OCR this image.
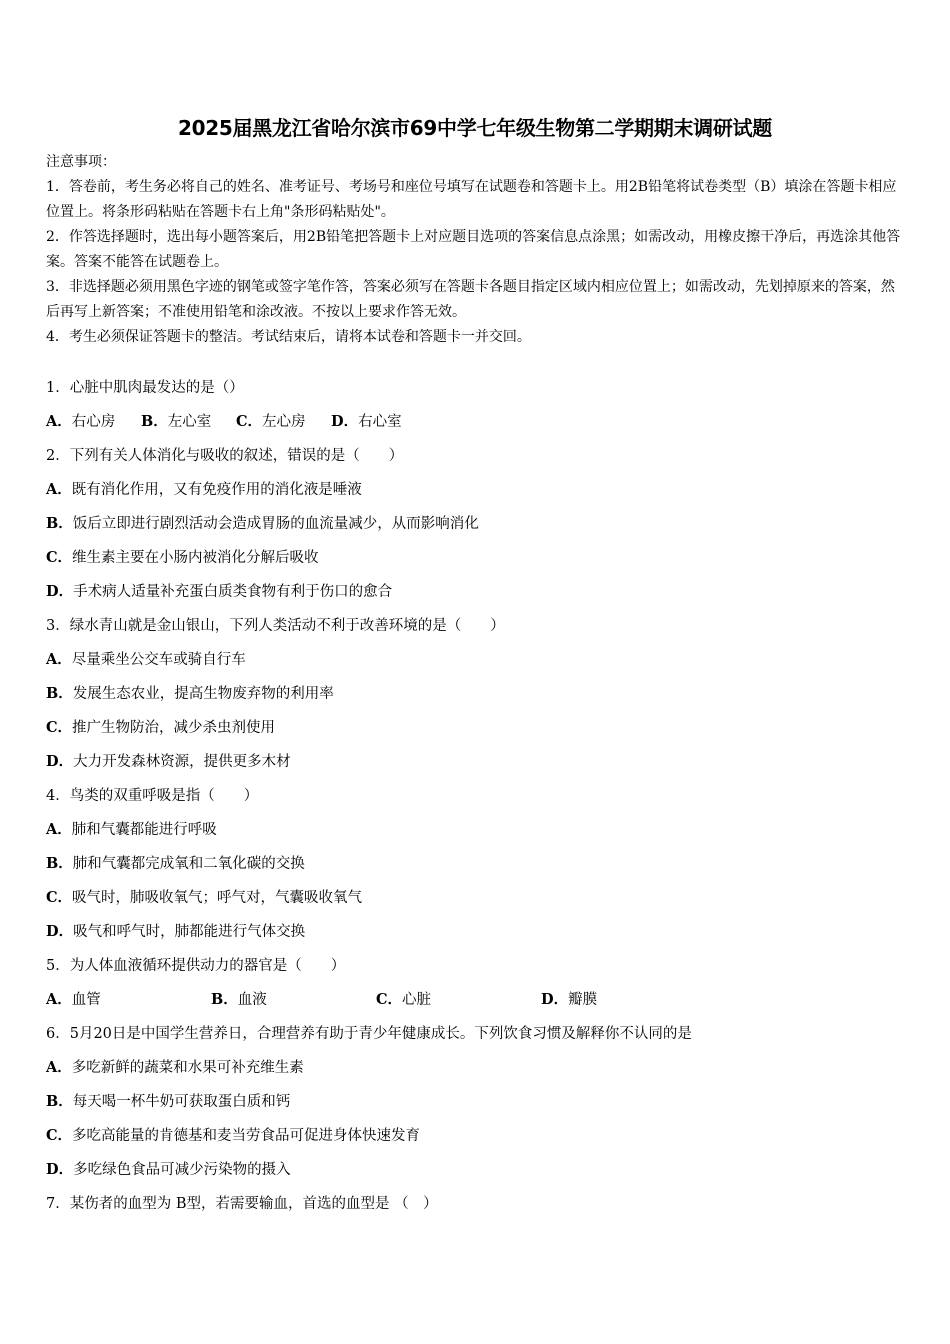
2025届黑龙江省哈尔滨市69中学七年级生物第二学期期末调研试题

注意事项：

1．答卷前，考生务必将自己的姓名、准考证号、考场号和座位号填写在试题卷和答题卡上。用2B铅笔将试卷类型（B）填涂在答题卡相应位置上。将条形码粘贴在答题卡右上角"条形码粘贴处"。

2．作答选择题时，选出每小题答案后，用2B铅笔把答题卡上对应题目选项的答案信息点涂黑；如需改动，用橡皮擦干净后，再选涂其他答案。答案不能答在试题卷上。

3．非选择题必须用黑色字迹的钢笔或签字笔作答，答案必须写在答题卡各题目指定区域内相应位置上；如需改动，先划掉原来的答案，然后再写上新答案；不准使用铅笔和涂改液。不按以上要求作答无效。

4．考生必须保证答题卡的整洁。考试结束后，请将本试卷和答题卡一并交回。

1．心脏中肌肉最发达的是（）
A．右心房 B．左心室 C．左心房 D．右心室
2．下列有关人体消化与吸收的叙述，错误的是（　　）
A．既有消化作用，又有免疫作用的消化液是唾液
B．饭后立即进行剧烈活动会造成胃肠的血流量减少，从而影响消化
C．维生素主要在小肠内被消化分解后吸收
D．手术病人适量补充蛋白质类食物有利于伤口的愈合
3．绿水青山就是金山银山，下列人类活动不利于改善环境的是（　　）
A．尽量乘坐公交车或骑自行车
B．发展生态农业，提高生物废弃物的利用率
C．推广生物防治，减少杀虫剂使用
D．大力开发森林资源，提供更多木材
4．鸟类的双重呼吸是指（　　）
A．肺和气囊都能进行呼吸
B．肺和气囊都完成氧和二氧化碳的交换
C．吸气时，肺吸收氧气；呼气对，气囊吸收氧气
D．吸气和呼气时，肺都能进行气体交换
5．为人体血液循环提供动力的器官是（　　）
A．血管	B．血液	C．心脏	D．瓣膜
6．5月20日是中国学生营养日，合理营养有助于青少年健康成长。下列饮食习惯及解释你不认同的是
A．多吃新鲜的蔬菜和水果可补充维生素
B．每天喝一杯牛奶可获取蛋白质和钙
C．多吃高能量的肯德基和麦当劳食品可促进身体快速发育
D．多吃绿色食品可减少污染物的摄入
7．某伤者的血型为 B型，若需要输血，首选的血型是 （　）
